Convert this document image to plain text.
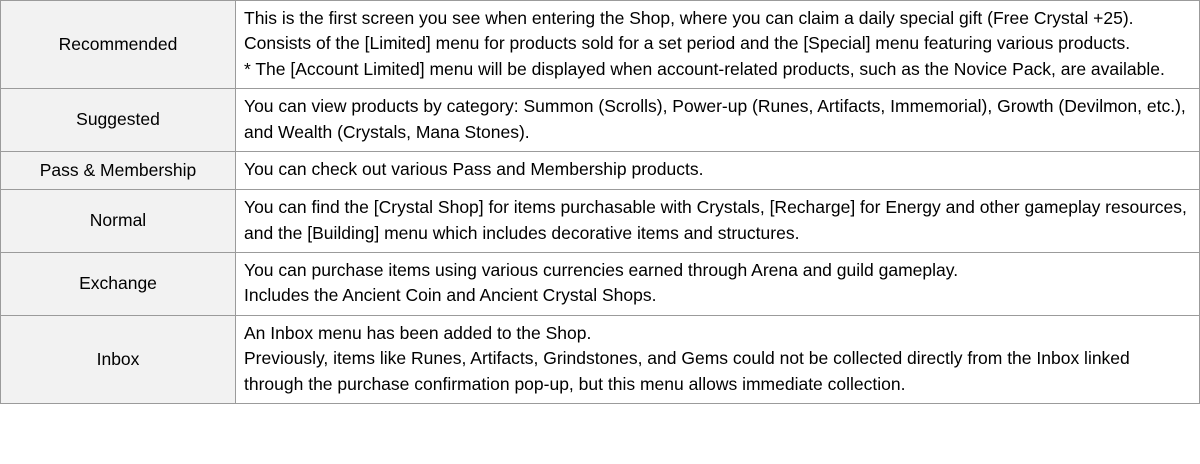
Recommended	This is the first screen you see when entering the Shop, where you can claim a daily special gift (Free Crystal +25).
Consists of the [Limited] menu for products sold for a set period and the [Special] menu featuring various products.
* The [Account Limited] menu will be displayed when account-related products, such as the Novice Pack, are available.

Suggested	You can view products by category: Summon (Scrolls), Power-up (Runes, Artifacts, Immemorial), Growth (Devilmon, etc.), and Wealth (Crystals, Mana Stones).

Pass & Membership	You can check out various Pass and Membership products.

Normal	You can find the [Crystal Shop] for items purchasable with Crystals, [Recharge] for Energy and other gameplay resources, and the [Building] menu which includes decorative items and structures.

Exchange	You can purchase items using various currencies earned through Arena and guild gameplay.
Includes the Ancient Coin and Ancient Crystal Shops.

Inbox	An Inbox menu has been added to the Shop.
Previously, items like Runes, Artifacts, Grindstones, and Gems could not be collected directly from the Inbox linked through the purchase confirmation pop-up, but this menu allows immediate collection.
